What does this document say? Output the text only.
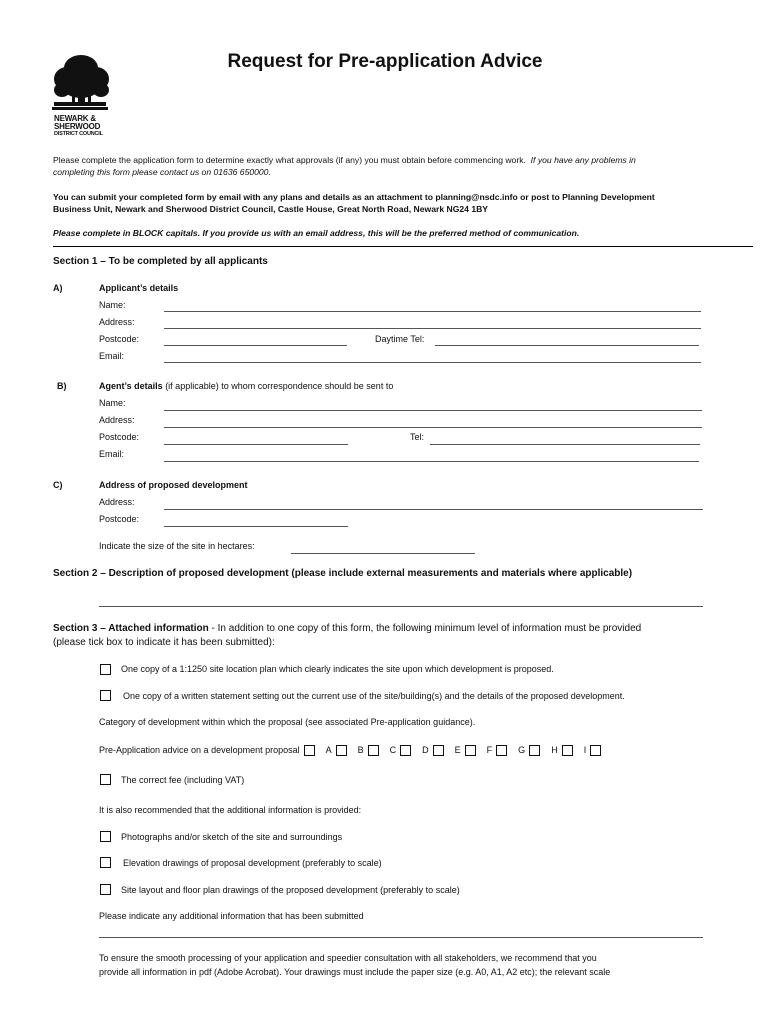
NEWARK &
SHERWOOD
DISTRICT COUNCIL
Request for Pre-application Advice
Please complete the application form to determine exactly what approvals (if any) you must obtain before commencing work. If you have any problems in
completing this form please contact us on 01636 650000.
You can submit your completed form by email with any plans and details as an attachment to planning@nsdc.info or post to Planning Development
Business Unit, Newark and Sherwood District Council, Castle House, Great North Road, Newark NG24 1BY
Please complete in BLOCK capitals. If you provide us with an email address, this will be the preferred method of communication.
Section 1 – To be completed by all applicants
A)	Applicant’s details
Name:
Address:
Postcode:	Daytime Tel:
Email:
B)	Agent’s details (if applicable) to whom correspondence should be sent to
Name:
Address:
Postcode:	Tel:
Email:
C)	Address of proposed development
Address:
Postcode:
Indicate the size of the site in hectares:
Section 2 – Description of proposed development (please include external measurements and materials where applicable)
Section 3 – Attached information - In addition to one copy of this form, the following minimum level of information must be provided
(please tick box to indicate it has been submitted):
One copy of a 1:1250 site location plan which clearly indicates the site upon which development is proposed.
One copy of a written statement setting out the current use of the site/building(s) and the details of the proposed development.
Category of development within which the proposal (see associated Pre-application guidance).
Pre-Application advice on a development proposal	A	B	C	D	E	F	G	H	I
The correct fee (including VAT)
It is also recommended that the additional information is provided:
Photographs and/or sketch of the site and surroundings
Elevation drawings of proposal development (preferably to scale)
Site layout and floor plan drawings of the proposed development (preferably to scale)
Please indicate any additional information that has been submitted
To ensure the smooth processing of your application and speedier consultation with all stakeholders, we recommend that you
provide all information in pdf (Adobe Acrobat). Your drawings must include the paper size (e.g. A0, A1, A2 etc); the relevant scale
